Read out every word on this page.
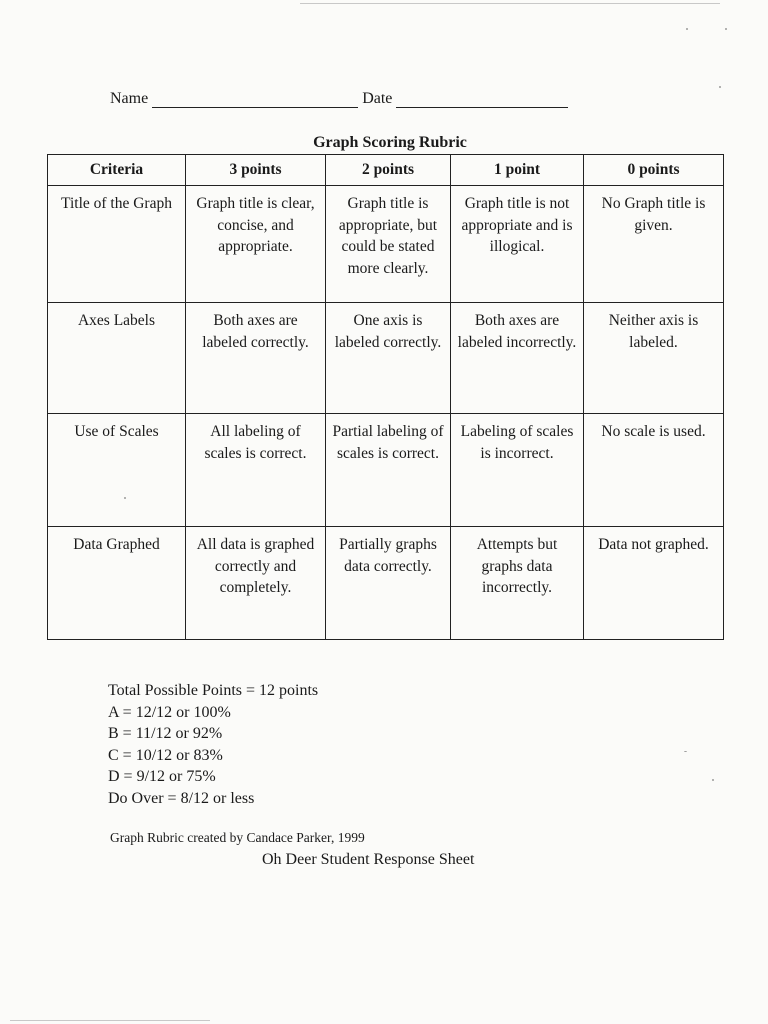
Name	Date
Graph Scoring Rubric
Criteria	3 points	2 points	1 point	0 points
Title of the Graph	Graph title is clear, concise, and appropriate.	Graph title is appropriate, but could be stated more clearly.	Graph title is not appropriate and is illogical.	No Graph title is given.
Axes Labels	Both axes are labeled correctly.	One axis is labeled correctly.	Both axes are labeled incorrectly.	Neither axis is labeled.
Use of Scales	All labeling of scales is correct.	Partial labeling of scales is correct.	Labeling of scales is incorrect.	No scale is used.
Data Graphed	All data is graphed correctly and completely.	Partially graphs data correctly.	Attempts but graphs data incorrectly.	Data not graphed.
Total Possible Points = 12 points
A = 12/12 or 100%
B = 11/12 or 92%
C = 10/12 or 83%
D = 9/12 or 75%
Do Over = 8/12 or less
Graph Rubric created by Candace Parker, 1999
Oh Deer Student Response Sheet
